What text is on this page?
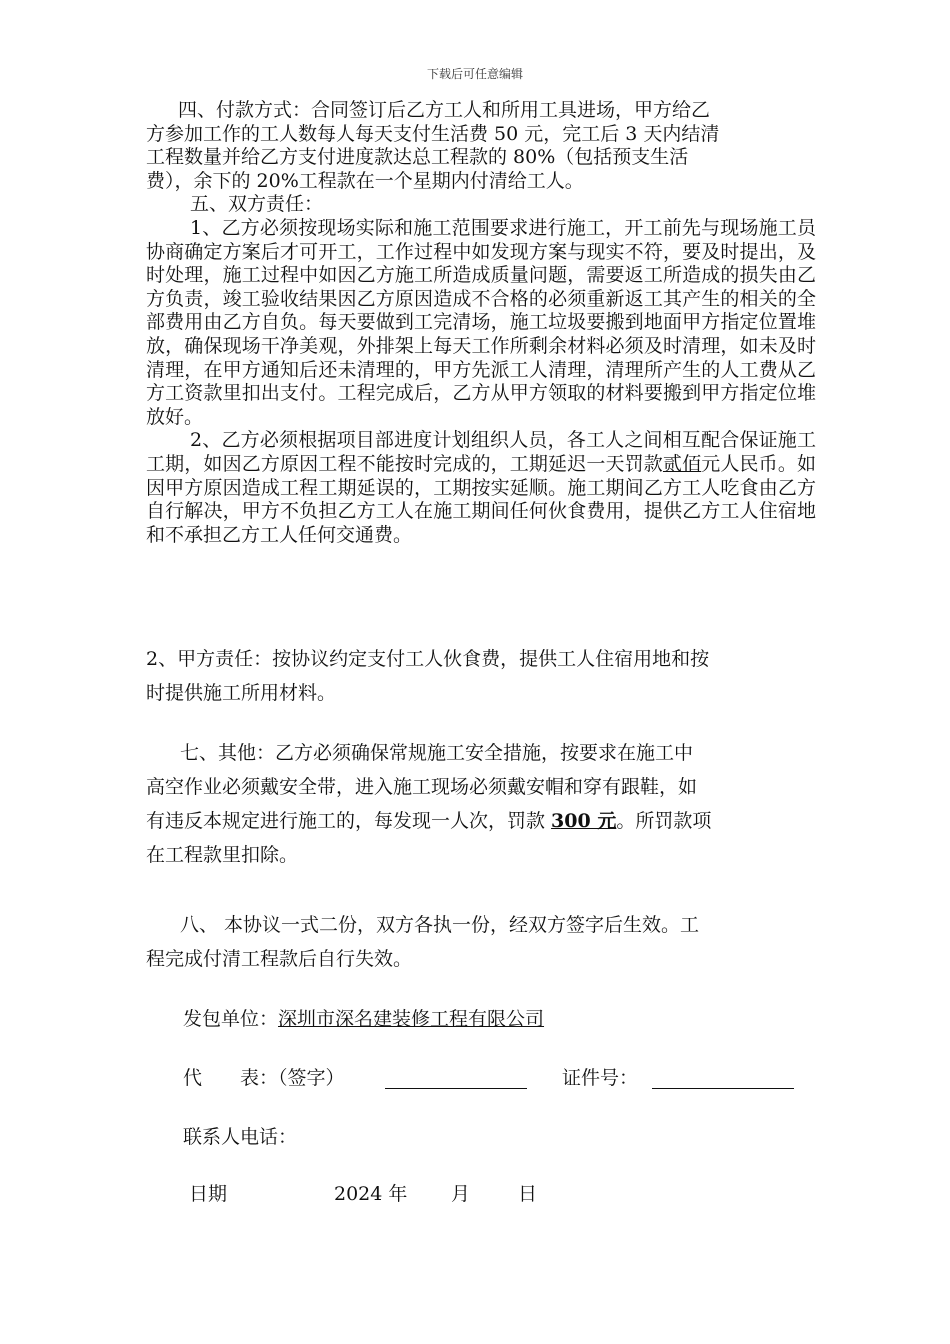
下载后可任意编辑

四、付款方式：合同签订后乙方工人和所用工具进场，甲方给乙

方参加工作的工人数每人每天支付生活费 50 元，完工后 3 天内结清

工程数量并给乙方支付进度款达总工程款的 80%（包括预支生活

费），余下的 20%工程款在一个星期内付清给工人。

五、双方责任：

1、乙方必须按现场实际和施工范围要求进行施工，开工前先与现场施工员协商确定方案后才可开工，工作过程中如发现方案与现实不符，要及时提出，及时处理，施工过程中如因乙方施工所造成质量问题，需要返工所造成的损失由乙方负责，竣工验收结果因乙方原因造成不合格的必须重新返工其产生的相关的全部费用由乙方自负。每天要做到工完清场，施工垃圾要搬到地面甲方指定位置堆放，确保现场干净美观，外排架上每天工作所剩余材料必须及时清理，如未及时清理，在甲方通知后还未清理的，甲方先派工人清理，清理所产生的人工费从乙方工资款里扣出支付。工程完成后，乙方从甲方领取的材料要搬到甲方指定位堆放好。

2、乙方必须根据项目部进度计划组织人员，各工人之间相互配合保证施工工期，如因乙方原因工程不能按时完成的，工期延迟一天罚款贰佰元人民币。如因甲方原因造成工程工期延误的，工期按实延顺。施工期间乙方工人吃食由乙方自行解决，甲方不负担乙方工人在施工期间任何伙食费用，提供乙方工人住宿地和不承担乙方工人任何交通费。

2、甲方责任：按协议约定支付工人伙食费，提供工人住宿用地和按

时提供施工所用材料。

七、其他：乙方必须确保常规施工安全措施，按要求在施工中

高空作业必须戴安全带，进入施工现场必须戴安帽和穿有跟鞋，如

有违反本规定进行施工的，每发现一人次，罚款 300 元。所罚款项

在工程款里扣除。

八、 本协议一式二份，双方各执一份，经双方签字后生效。工

程完成付清工程款后自行失效。

发包单位：深圳市深名建装修工程有限公司
代　　表：（签字）	证件号：
联系人电话：
日期	2024 年 月	日
